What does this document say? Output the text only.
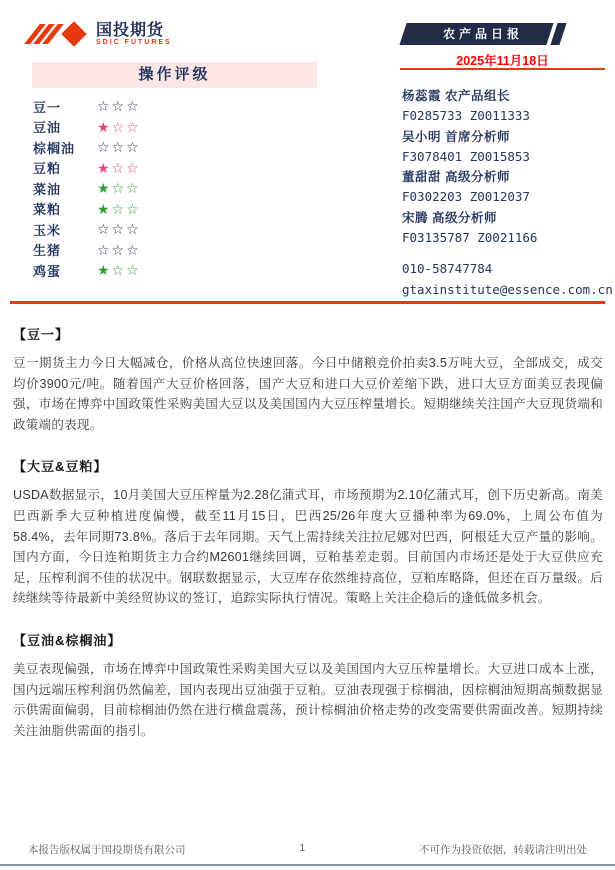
国投期货
SDIC FUTURES
操作评级
豆一	☆☆☆
豆油	★☆☆
棕榈油	☆☆☆
豆粕	★☆☆
菜油	★☆☆
菜粕	★☆☆
玉米	☆☆☆
生猪	☆☆☆
鸡蛋	★☆☆
农产品日报
2025年11月18日
杨蕊霞 农产品组长
F0285733 Z0011333
吴小明 首席分析师
F3078401 Z0015853
董甜甜 高级分析师
F0302203 Z0012037
宋腾 高级分析师
F03135787 Z0021166
010-58747784
gtaxinstitute@essence.com.cn
【豆一】
豆一期货主力今日大幅减仓，价格从高位快速回落。今日中储粮竞价拍卖3.5万吨大豆，全部成交，成交均价3900元/吨。随着国产大豆价格回落，国产大豆和进口大豆价差缩下跌，进口大豆方面美豆表现偏强，市场在博弈中国政策性采购美国大豆以及美国国内大豆压榨量增长。短期继续关注国产大豆现货端和政策端的表现。
【大豆&豆粕】
USDA数据显示，10月美国大豆压榨量为2.28亿蒲式耳，市场预期为2.10亿蒲式耳，创下历史新高。南美巴西新季大豆种植进度偏慢，截至11月15日，巴西25/26年度大豆播种率为69.0%，上周公布值为58.4%，去年同期73.8%。落后于去年同期。天气上需持续关注拉尼娜对巴西，阿根廷大豆产量的影响。国内方面，今日连粕期货主力合约M2601继续回调，豆粕基差走弱。目前国内市场还是处于大豆供应充足，压榨利润不佳的状况中。钢联数据显示，大豆库存依然维持高位，豆粕库略降，但还在百万量级。后续继续等待最新中美经贸协议的签订，追踪实际执行情况。策略上关注企稳后的逢低做多机会。
【豆油&棕榈油】
美豆表现偏强，市场在博弈中国政策性采购美国大豆以及美国国内大豆压榨量增长。大豆进口成本上涨，国内远端压榨利润仍然偏差，国内表现出豆油强于豆粕。豆油表现强于棕榈油，因棕榈油短期高频数据显示供需面偏弱，目前棕榈油仍然在进行横盘震荡，预计棕榈油价格走势的改变需要供需面改善。短期持续关注油脂供需面的指引。
本报告版权属于国投期货有限公司	1	不可作为投资依据，转载请注明出处
